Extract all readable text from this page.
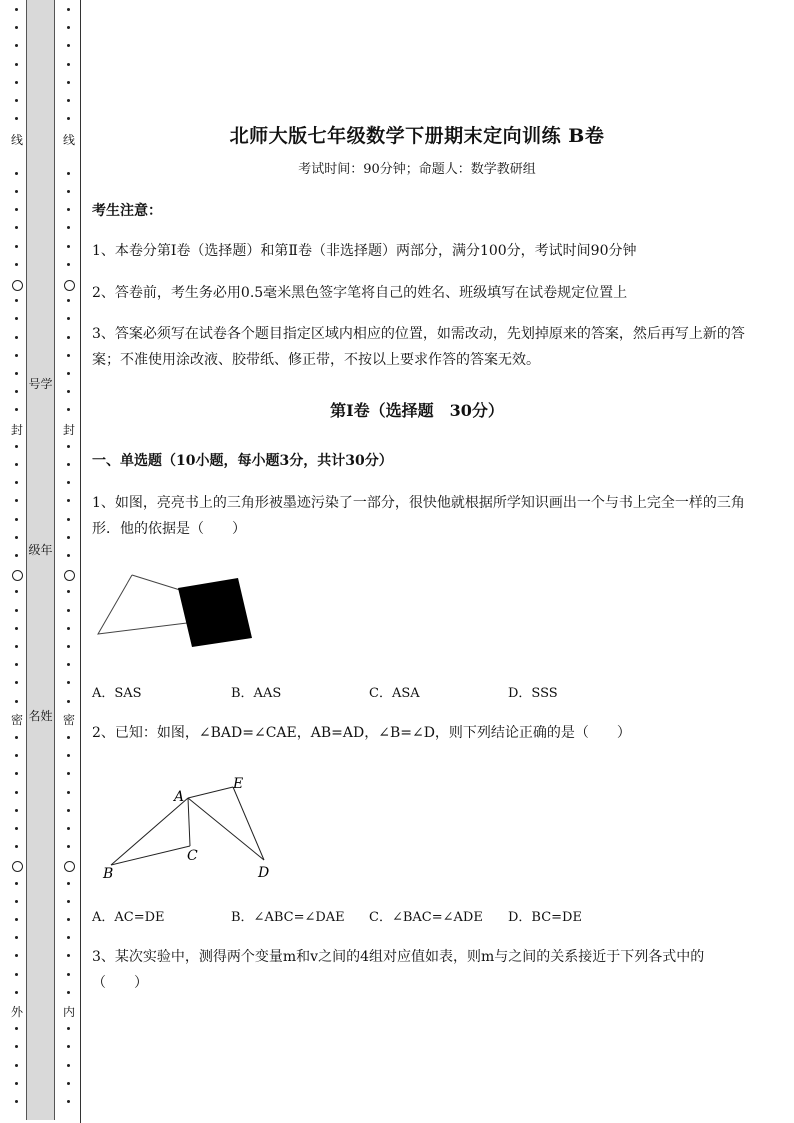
线
封
密
外
号学
级年
名姓
线
封
密
内
北师大版七年级数学下册期末定向训练 B卷
考试时间：90分钟；命题人：数学教研组
考生注意：
1、本卷分第I卷（选择题）和第Ⅱ卷（非选择题）两部分，满分100分，考试时间90分钟
2、答卷前，考生务必用0.5毫米黑色签字笔将自己的姓名、班级填写在试卷规定位置上
3、答案必须写在试卷各个题目指定区域内相应的位置，如需改动，先划掉原来的答案，然后再写上新的答案；不准使用涂改液、胶带纸、修正带，不按以上要求作答的答案无效。
第I卷（选择题　30分）
一、单选题（10小题，每小题3分，共计30分）
1、如图，亮亮书上的三角形被墨迹污染了一部分，很快他就根据所学知识画出一个与书上完全一样的三角形．他的依据是（　　）
A．SAS	B．AAS	C．ASA	D．SSS
2、已知：如图，∠BAD=∠CAE，AB=AD，∠B=∠D，则下列结论正确的是（　　）
A
E
C
B	D
A．AC=DE	B．∠ABC=∠DAE C．∠BAC=∠ADE D．BC=DE
3、某次实验中，测得两个变量m和v之间的4组对应值如表，则m与之间的关系接近于下列各式中的（　　）
